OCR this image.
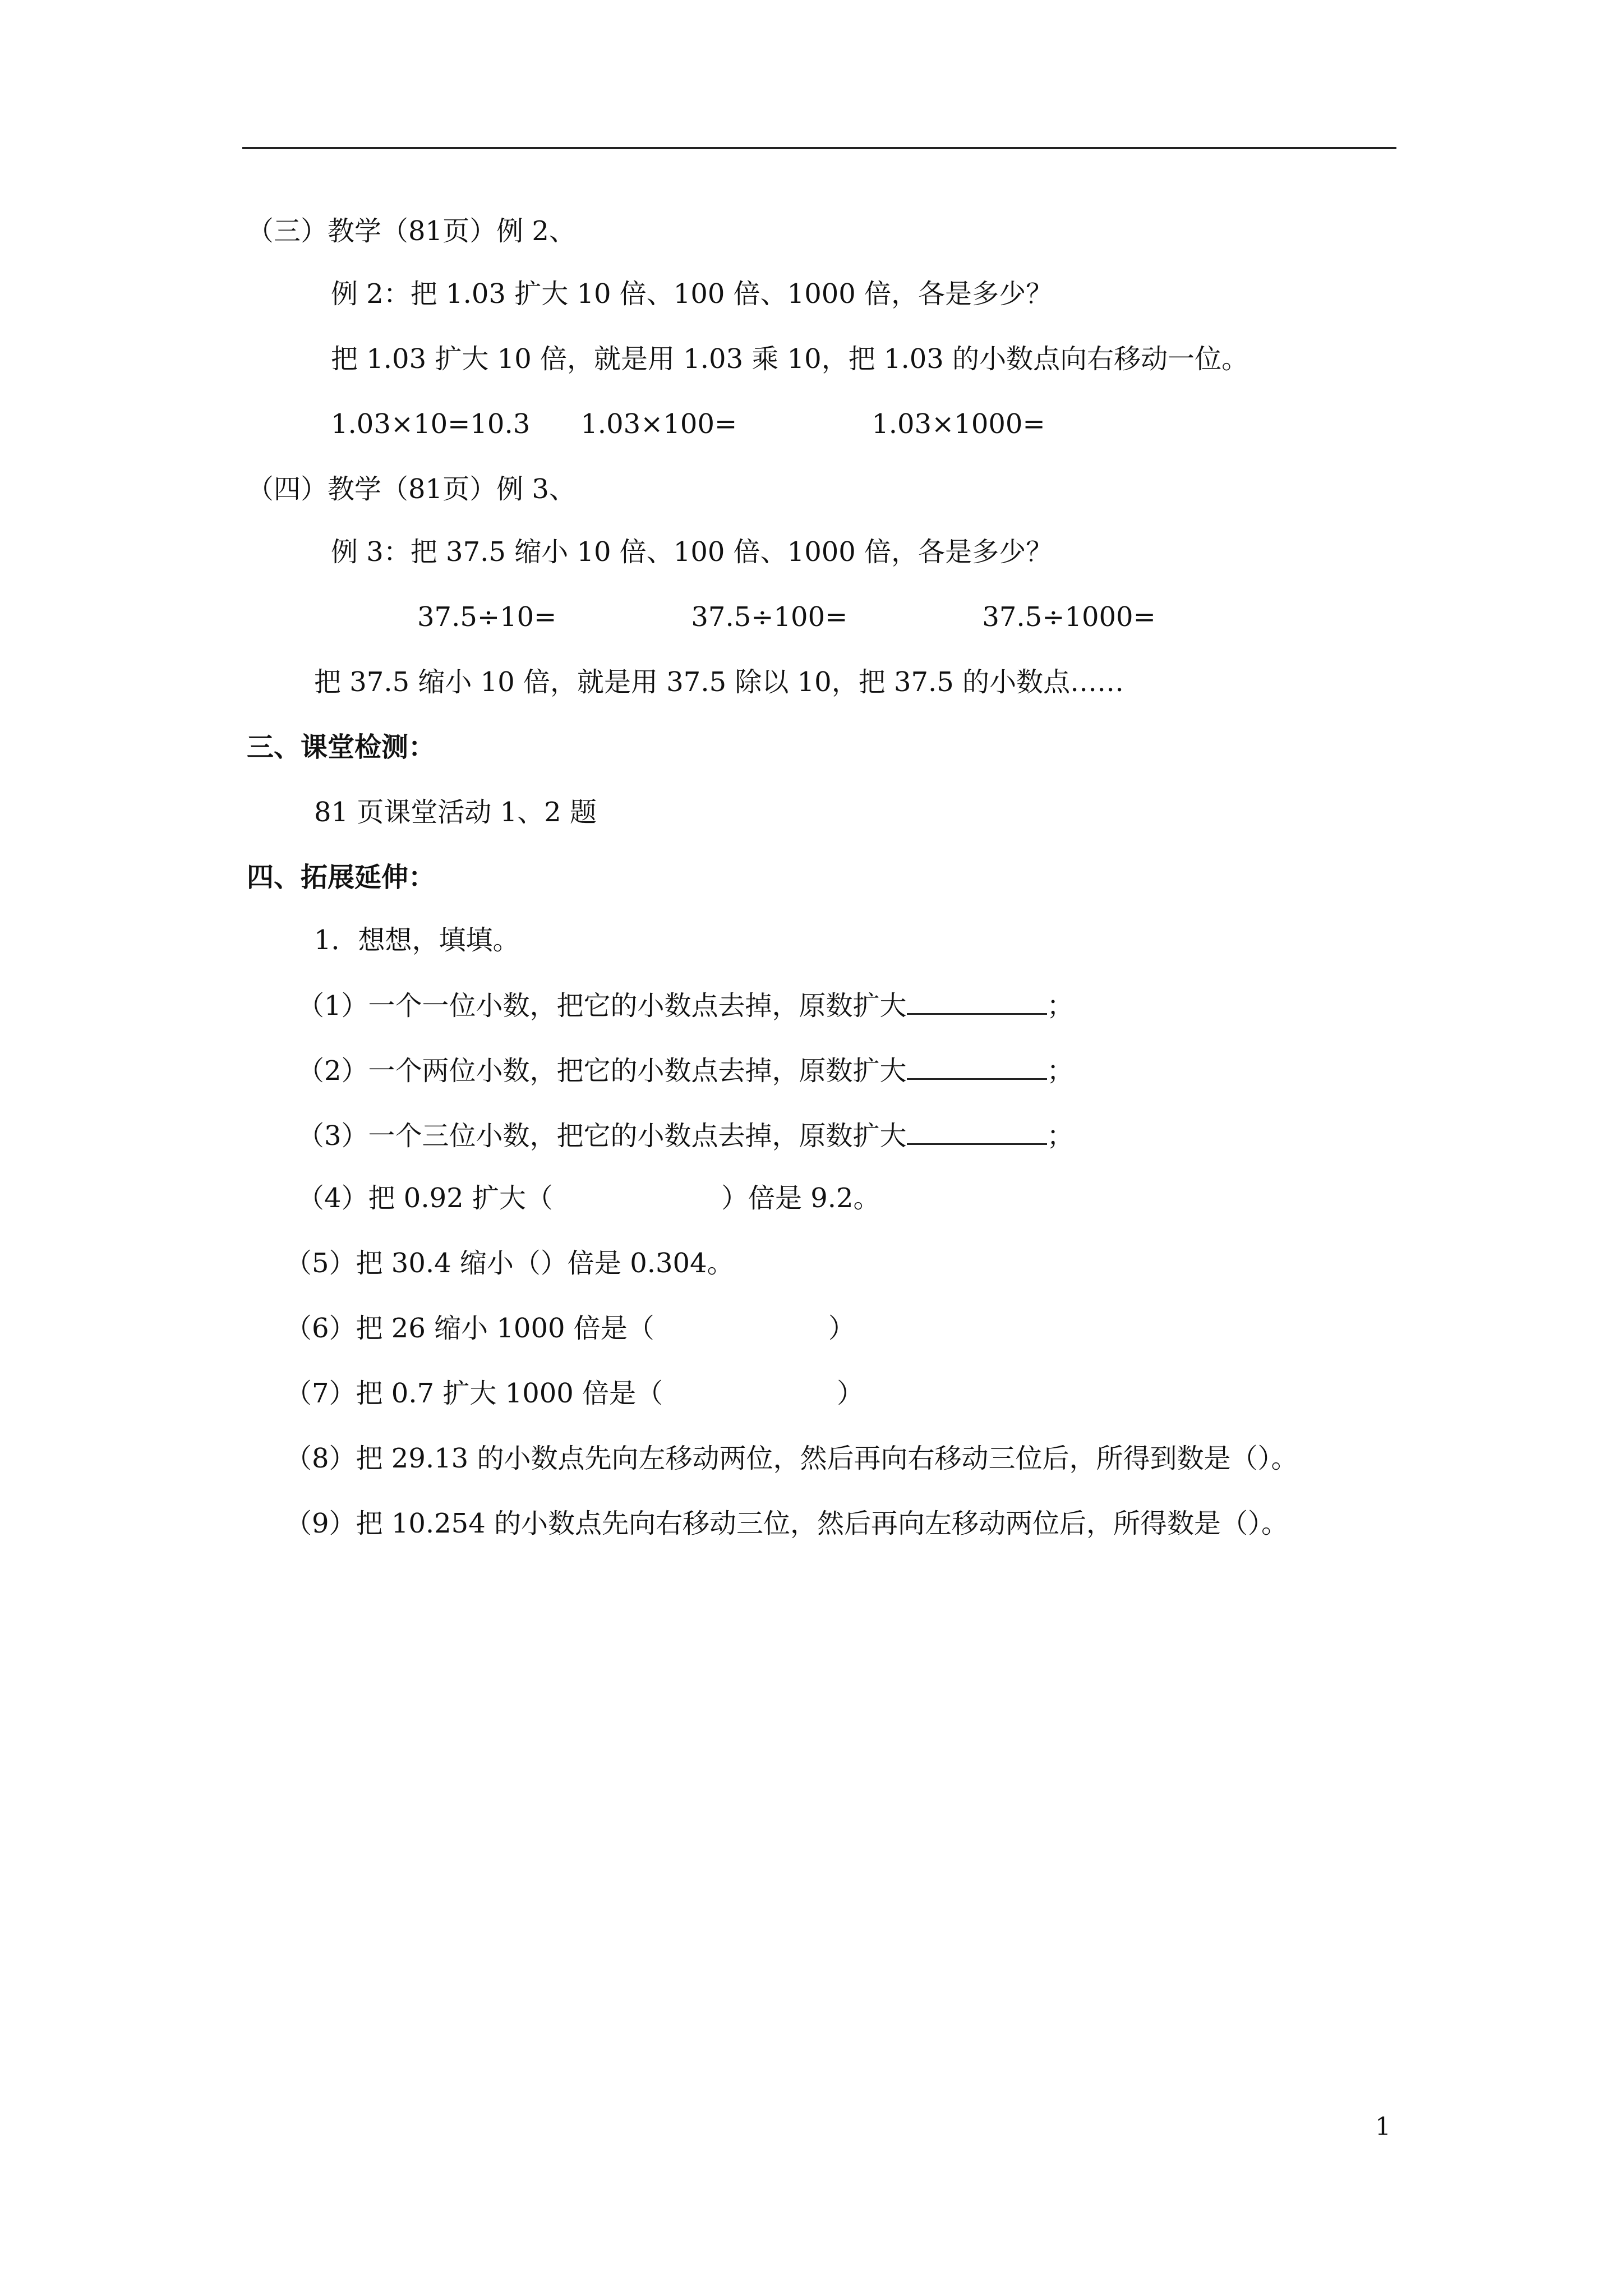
（三）教学（81页）例 2、
例 2：把 1.03 扩大 10 倍、100 倍、1000 倍，各是多少？
把 1.03 扩大 10 倍，就是用 1.03 乘 10，把 1.03 的小数点向右移动一位。
1.03×10=10.3 1.03×100=	1.03×1000=
（四）教学（81页）例 3、
例 3：把 37.5 缩小 10 倍、100 倍、1000 倍，各是多少？
37.5÷10=	37.5÷100=	37.5÷1000=
把 37.5 缩小 10 倍，就是用 37.5 除以 10，把 37.5 的小数点……
三、课堂检测：
81 页课堂活动 1、2 题
四、拓展延伸：
1．想想，填填。
（1）一个一位小数，把它的小数点去掉，原数扩大	；
（2）一个两位小数，把它的小数点去掉，原数扩大	；
（3）一个三位小数，把它的小数点去掉，原数扩大	；
（4）把 0.92 扩大（	）倍是 9.2。
（5）把 30.4 缩小（）倍是 0.304。
（6）把 26 缩小 1000 倍是（	）
（7）把 0.7 扩大 1000 倍是（	）
（8）把 29.13 的小数点先向左移动两位，然后再向右移动三位后，所得到数是（）。
（9）把 10.254 的小数点先向右移动三位，然后再向左移动两位后，所得数是（）。
1
